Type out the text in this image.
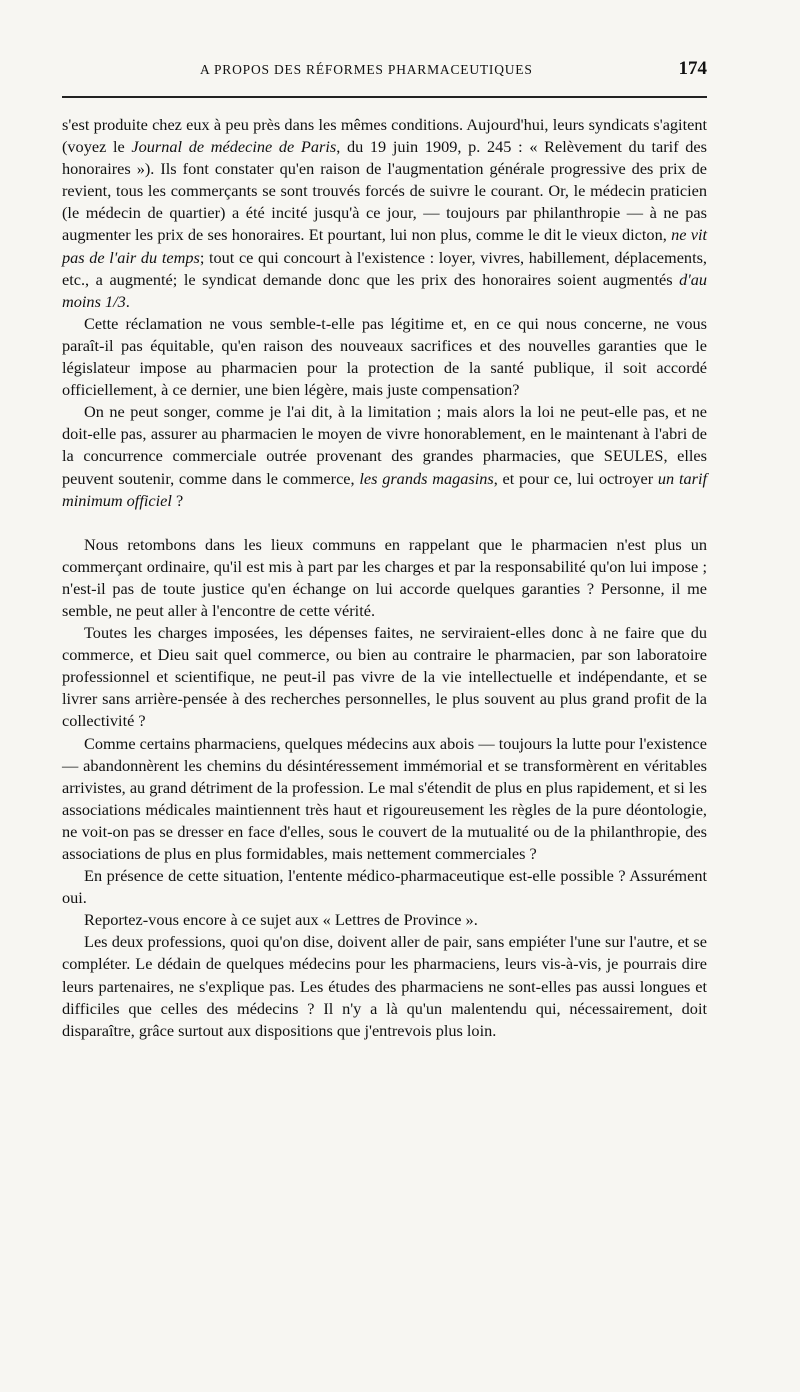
A PROPOS DES RÉFORMES PHARMACEUTIQUES	174

s'est produite chez eux à peu près dans les mêmes conditions. Aujourd'hui, leurs syndicats s'agitent (voyez le Journal de médecine de Paris, du 19 juin 1909, p. 245 : « Relèvement du tarif des honoraires »). Ils font constater qu'en raison de l'augmentation générale progressive des prix de revient, tous les commerçants se sont trouvés forcés de suivre le courant. Or, le médecin praticien (le médecin de quartier) a été incité jusqu'à ce jour, — toujours par philanthropie — à ne pas augmenter les prix de ses honoraires. Et pourtant, lui non plus, comme le dit le vieux dicton, ne vit pas de l'air du temps; tout ce qui concourt à l'existence : loyer, vivres, habillement, déplacements, etc., a augmenté; le syndicat demande donc que les prix des honoraires soient augmentés d'au moins 1/3.

Cette réclamation ne vous semble-t-elle pas légitime et, en ce qui nous concerne, ne vous paraît-il pas équitable, qu'en raison des nouveaux sacrifices et des nouvelles garanties que le législateur impose au pharmacien pour la protection de la santé publique, il soit accordé officiellement, à ce dernier, une bien légère, mais juste compensation?

On ne peut songer, comme je l'ai dit, à la limitation ; mais alors la loi ne peut-elle pas, et ne doit-elle pas, assurer au pharmacien le moyen de vivre honorablement, en le maintenant à l'abri de la concurrence commerciale outrée provenant des grandes pharmacies, que SEULES, elles peuvent soutenir, comme dans le commerce, les grands magasins, et pour ce, lui octroyer un tarif minimum officiel ?

Nous retombons dans les lieux communs en rappelant que le pharmacien n'est plus un commerçant ordinaire, qu'il est mis à part par les charges et par la responsabilité qu'on lui impose ; n'est-il pas de toute justice qu'en échange on lui accorde quelques garanties ? Personne, il me semble, ne peut aller à l'encontre de cette vérité.

Toutes les charges imposées, les dépenses faites, ne serviraient-elles donc à ne faire que du commerce, et Dieu sait quel commerce, ou bien au contraire le pharmacien, par son laboratoire professionnel et scientifique, ne peut-il pas vivre de la vie intellectuelle et indépendante, et se livrer sans arrière-pensée à des recherches personnelles, le plus souvent au plus grand profit de la collectivité ?

Comme certains pharmaciens, quelques médecins aux abois — toujours la lutte pour l'existence — abandonnèrent les chemins du désintéressement immémorial et se transformèrent en véritables arrivistes, au grand détriment de la profession. Le mal s'étendit de plus en plus rapidement, et si les associations médicales maintiennent très haut et rigoureusement les règles de la pure déontologie, ne voit-on pas se dresser en face d'elles, sous le couvert de la mutualité ou de la philanthropie, des associations de plus en plus formidables, mais nettement commerciales ?

En présence de cette situation, l'entente médico-pharmaceutique est-elle possible ? Assurément oui.

Reportez-vous encore à ce sujet aux « Lettres de Province ».

Les deux professions, quoi qu'on dise, doivent aller de pair, sans empiéter l'une sur l'autre, et se compléter. Le dédain de quelques médecins pour les pharmaciens, leurs vis-à-vis, je pourrais dire leurs partenaires, ne s'explique pas. Les études des pharmaciens ne sont-elles pas aussi longues et difficiles que celles des médecins ? Il n'y a là qu'un malentendu qui, nécessairement, doit disparaître, grâce surtout aux dispositions que j'entrevois plus loin.
